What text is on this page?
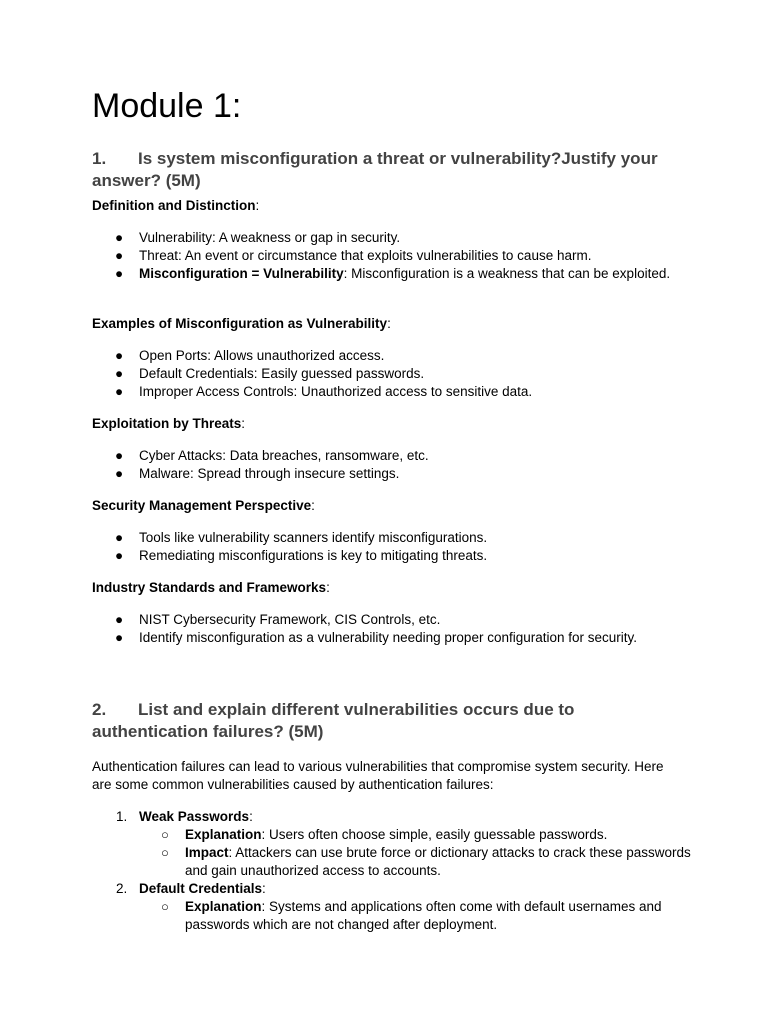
Module 1:
1. Is system misconfiguration a threat or vulnerability?Justify your answer? (5M)
Definition and Distinction:
● Vulnerability: A weakness or gap in security.
● Threat: An event or circumstance that exploits vulnerabilities to cause harm.
● Misconfiguration = Vulnerability: Misconfiguration is a weakness that can be exploited.
Examples of Misconfiguration as Vulnerability:
● Open Ports: Allows unauthorized access.
● Default Credentials: Easily guessed passwords.
● Improper Access Controls: Unauthorized access to sensitive data.
Exploitation by Threats:
● Cyber Attacks: Data breaches, ransomware, etc.
● Malware: Spread through insecure settings.
Security Management Perspective:
● Tools like vulnerability scanners identify misconfigurations.
● Remediating misconfigurations is key to mitigating threats.
Industry Standards and Frameworks:
● NIST Cybersecurity Framework, CIS Controls, etc.
● Identify misconfiguration as a vulnerability needing proper configuration for security.
2. List and explain different vulnerabilities occurs due to authentication failures? (5M)
Authentication failures can lead to various vulnerabilities that compromise system security. Here are some common vulnerabilities caused by authentication failures:
1. Weak Passwords:
○ Explanation: Users often choose simple, easily guessable passwords.
○ Impact: Attackers can use brute force or dictionary attacks to crack these passwords and gain unauthorized access to accounts.
2. Default Credentials:
○ Explanation: Systems and applications often come with default usernames and passwords which are not changed after deployment.
